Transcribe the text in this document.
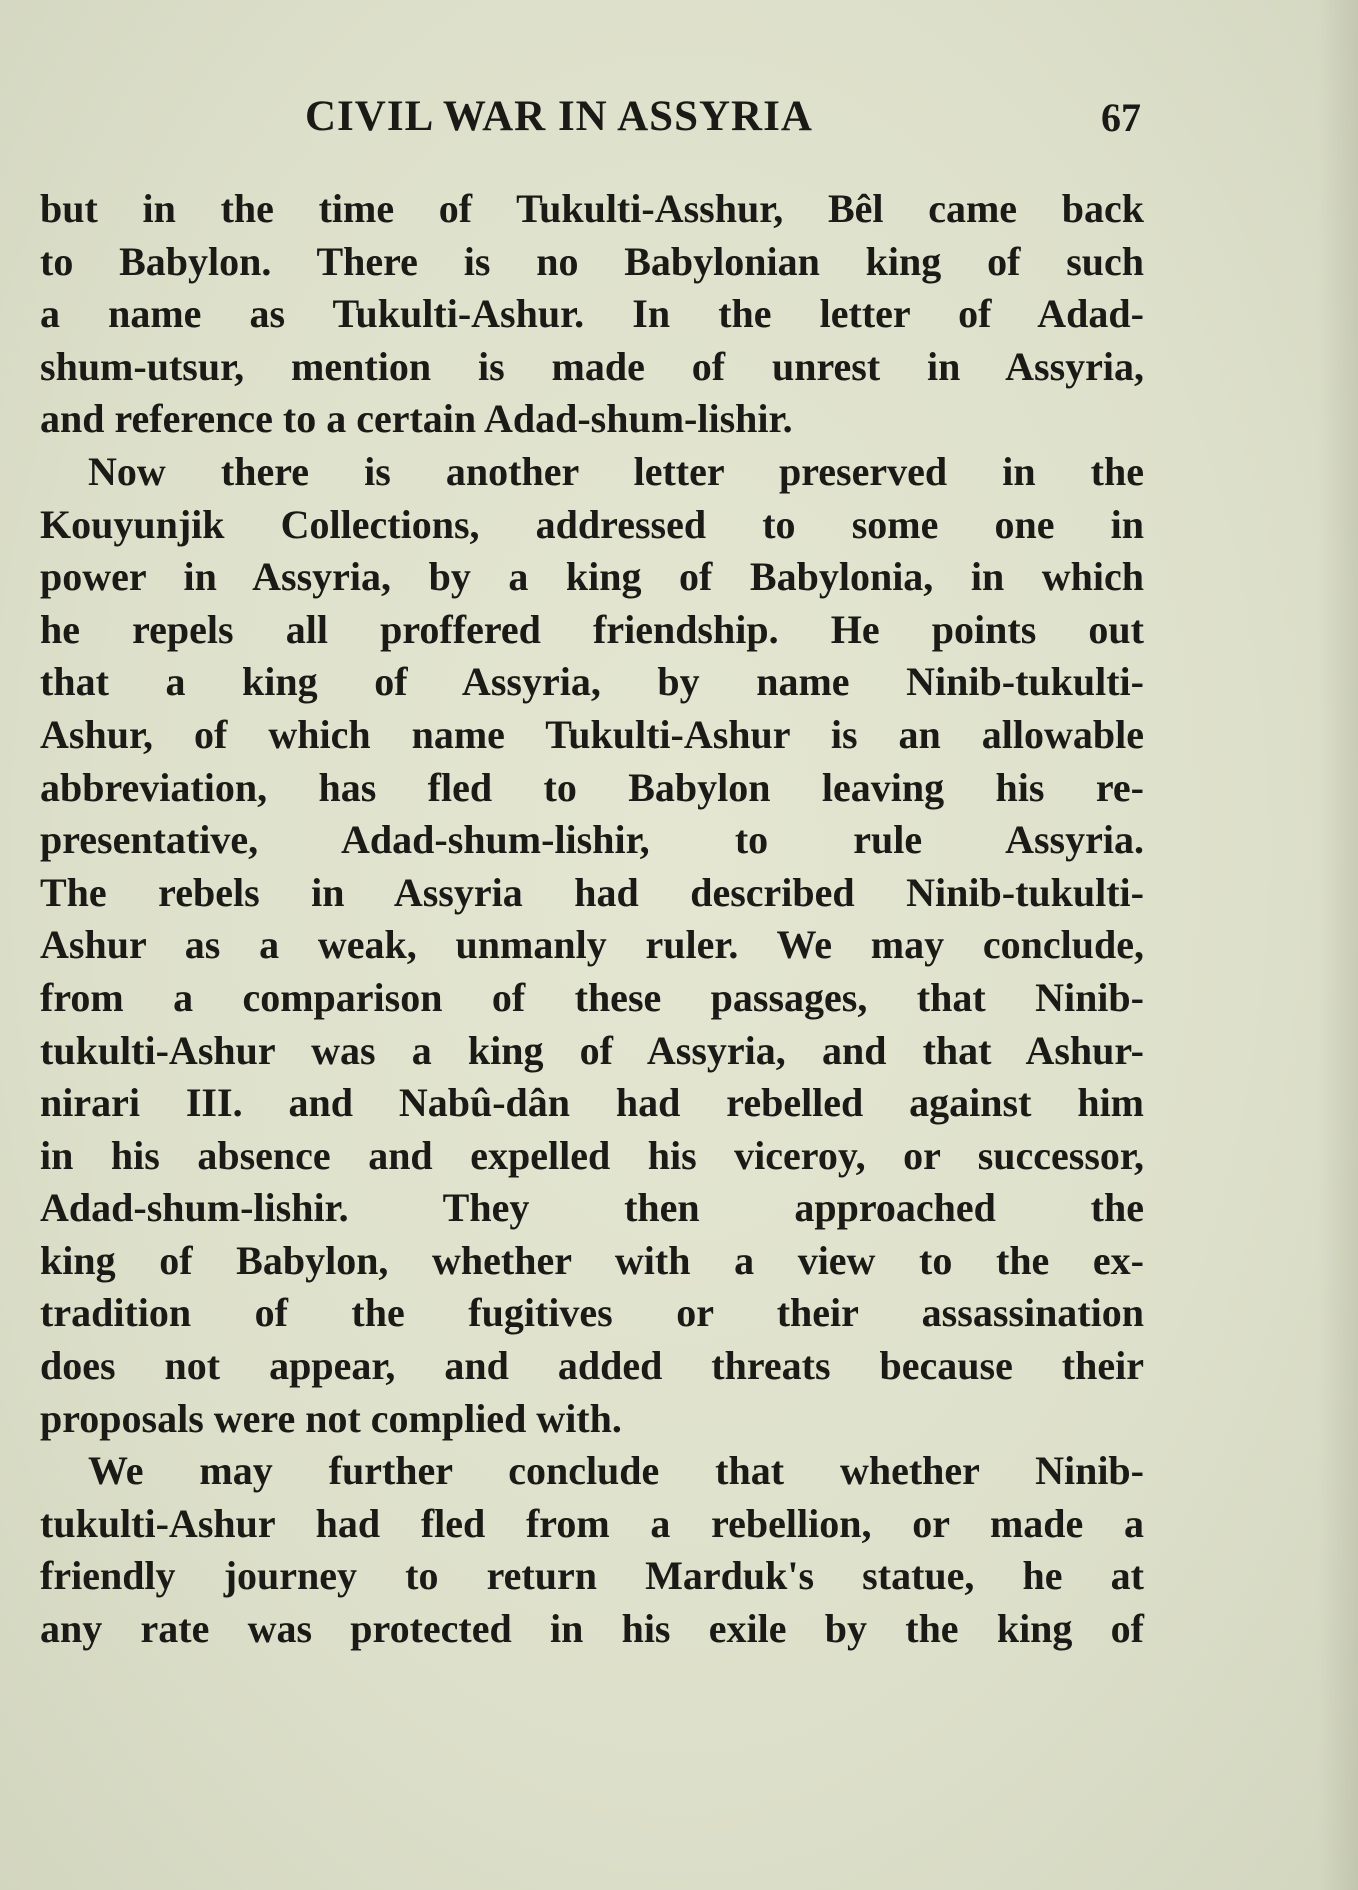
CIVIL WAR IN ASSYRIA	67
but in the time of Tukulti-Asshur, Bêl came back
to Babylon. There is no Babylonian king of such
a name as Tukulti-Ashur. In the letter of Adad-
shum-utsur, mention is made of unrest in Assyria,
and reference to a certain Adad-shum-lishir.
Now there is another letter preserved in the
Kouyunjik Collections, addressed to some one in
power in Assyria, by a king of Babylonia, in which
he repels all proffered friendship. He points out
that a king of Assyria, by name Ninib-tukulti-
Ashur, of which name Tukulti-Ashur is an allowable
abbreviation, has fled to Babylon leaving his re-
presentative, Adad-shum-lishir, to rule Assyria.
The rebels in Assyria had described Ninib-tukulti-
Ashur as a weak, unmanly ruler. We may conclude,
from a comparison of these passages, that Ninib-
tukulti-Ashur was a king of Assyria, and that Ashur-
nirari III. and Nabû-dân had rebelled against him
in his absence and expelled his viceroy, or successor,
Adad-shum-lishir. They then approached the
king of Babylon, whether with a view to the ex-
tradition of the fugitives or their assassination
does not appear, and added threats because their
proposals were not complied with.
We may further conclude that whether Ninib-
tukulti-Ashur had fled from a rebellion, or made a
friendly journey to return Marduk's statue, he at
any rate was protected in his exile by the king of
